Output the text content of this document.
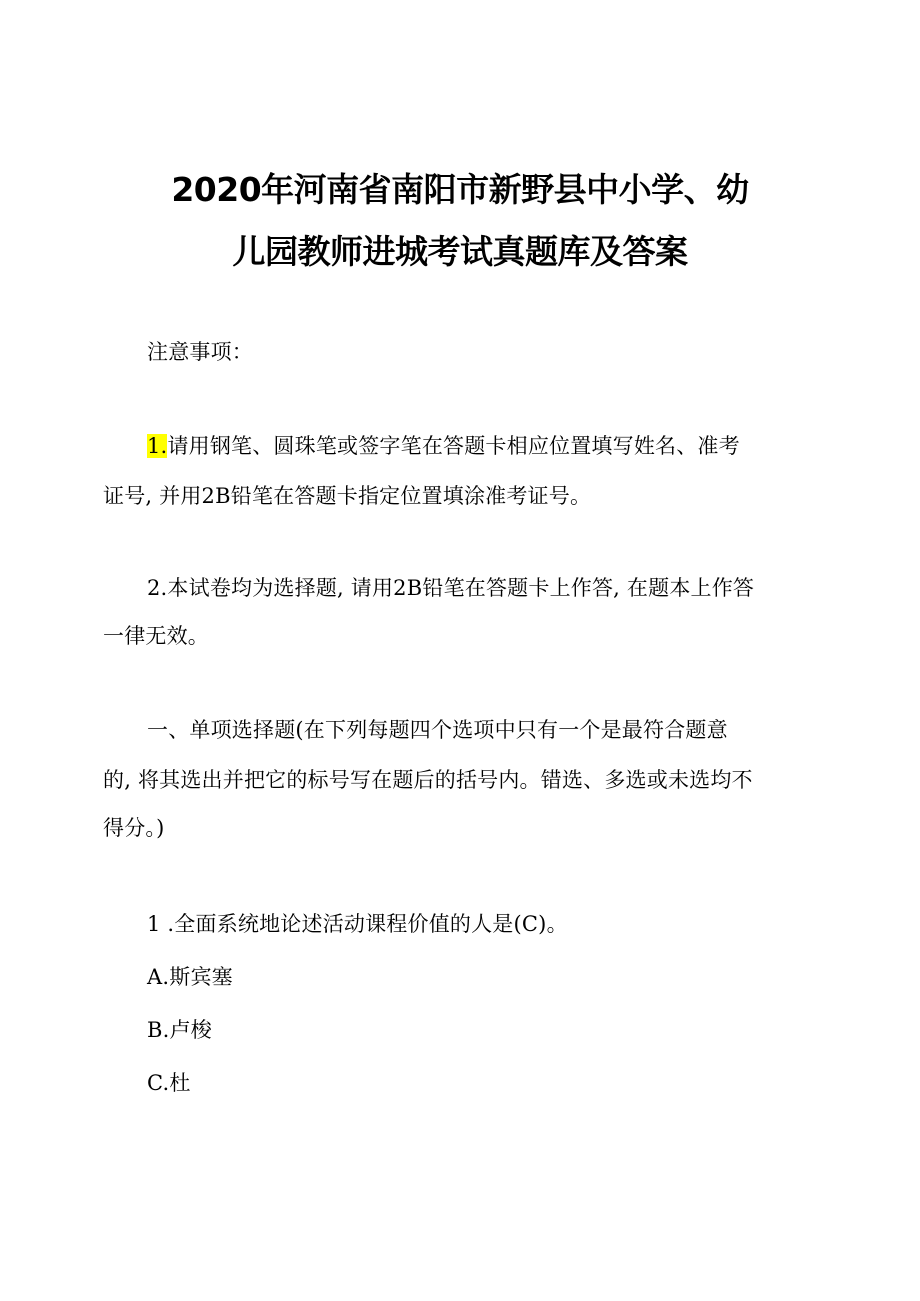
2020年河南省南阳市新野县中小学、幼
儿园教师进城考试真题库及答案
注意事项：
1.请用钢笔、圆珠笔或签字笔在答题卡相应位置填写姓名、准考
证号, 并用2B铅笔在答题卡指定位置填涂准考证号。
2.本试卷均为选择题, 请用2B铅笔在答题卡上作答, 在题本上作答
一律无效。
一、单项选择题(在下列每题四个选项中只有一个是最符合题意
的, 将其选出并把它的标号写在题后的括号内。错选、多选或未选均不
得分。)
1 .全面系统地论述活动课程价值的人是(C)。
A.斯宾塞
B.卢梭
C.杜
